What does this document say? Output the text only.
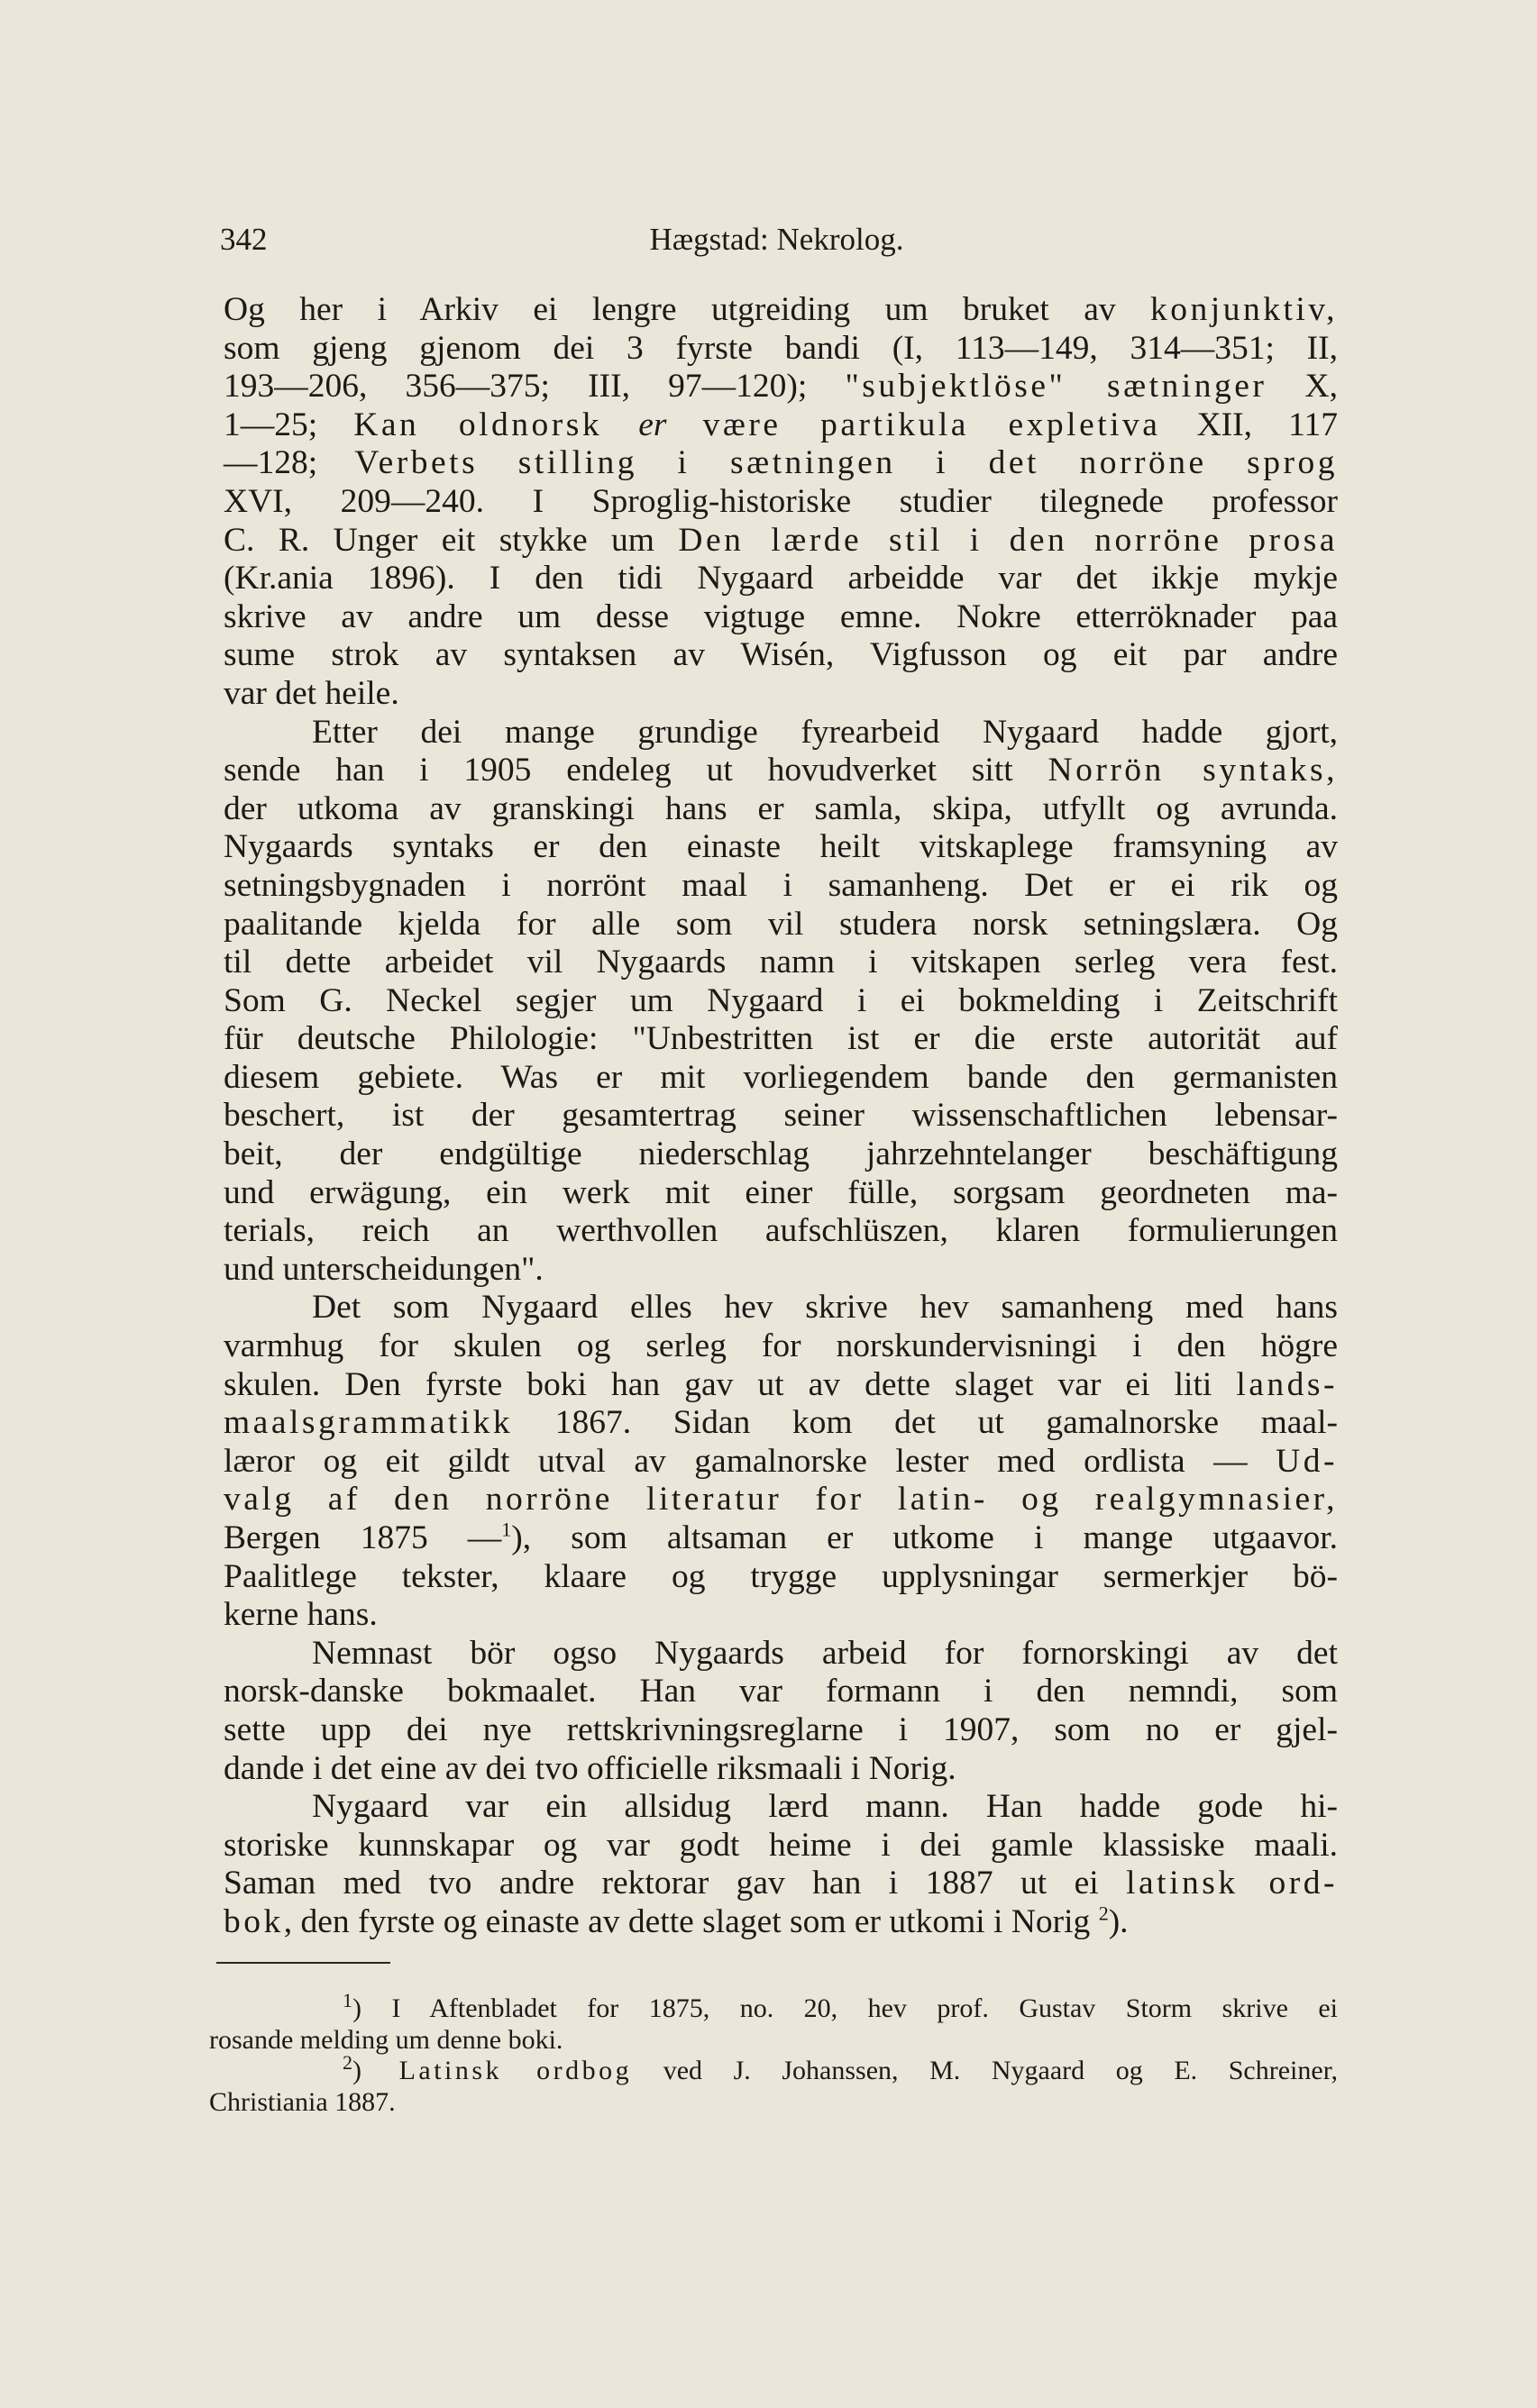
342	Hægstad: Nekrolog.
Og her i Arkiv ei lengre utgreiding um bruket av konjunktiv,
som gjeng gjenom dei 3 fyrste bandi (I, 113—149, 314—351; II,
193—206, 356—375; III, 97—120); "subjektlöse" sætninger X,
1—25; Kan oldnorsk er være partikula expletiva XII, 117
—128; Verbets stilling i sætningen i det norröne sprog
XVI, 209—240. I Sproglig-historiske studier tilegnede professor
C. R. Unger eit stykke um Den lærde stil i den norröne prosa
(Kr.ania 1896). I den tidi Nygaard arbeidde var det ikkje mykje
skrive av andre um desse vigtuge emne. Nokre etterröknader paa
sume strok av syntaksen av Wisén, Vigfusson og eit par andre
var det heile.
Etter dei mange grundige fyrearbeid Nygaard hadde gjort,
sende han i 1905 endeleg ut hovudverket sitt Norrön syntaks,
der utkoma av granskingi hans er samla, skipa, utfyllt og avrunda.
Nygaards syntaks er den einaste heilt vitskaplege framsyning av
setningsbygnaden i norrönt maal i samanheng. Det er ei rik og
paalitande kjelda for alle som vil studera norsk setningslæra. Og
til dette arbeidet vil Nygaards namn i vitskapen serleg vera fest.
Som G. Neckel segjer um Nygaard i ei bokmelding i Zeitschrift
für deutsche Philologie: "Unbestritten ist er die erste autorität auf
diesem gebiete. Was er mit vorliegendem bande den germanisten
beschert, ist der gesamtertrag seiner wissenschaftlichen lebensar-
beit, der endgültige niederschlag jahrzehntelanger beschäftigung
und erwägung, ein werk mit einer fülle, sorgsam geordneten ma-
terials, reich an werthvollen aufschlüszen, klaren formulierungen
und unterscheidungen".
Det som Nygaard elles hev skrive hev samanheng med hans
varmhug for skulen og serleg for norskundervisningi i den högre
skulen. Den fyrste boki han gav ut av dette slaget var ei liti lands-
maalsgrammatikk 1867. Sidan kom det ut gamalnorske maal-
læror og eit gildt utval av gamalnorske lester med ordlista — Ud-
valg af den norröne literatur for latin- og realgymnasier,
Bergen 1875 —$^1$), som altsaman er utkome i mange utgaavor.
Paalitlege tekster, klaare og trygge upplysningar sermerkjer bö-
kerne hans.
Nemnast bör ogso Nygaards arbeid for fornorskingi av det
norsk-danske bokmaalet. Han var formann i den nemndi, som
sette upp dei nye rettskrivningsreglarne i 1907, som no er gjel-
dande i det eine av dei tvo officielle riksmaali i Norig.
Nygaard var ein allsidug lærd mann. Han hadde gode hi-
storiske kunnskapar og var godt heime i dei gamle klassiske maali.
Saman med tvo andre rektorar gav han i 1887 ut ei latinsk ord-
bok, den fyrste og einaste av dette slaget som er utkomi i Norig $^2$).
$^1$) I Aftenbladet for 1875, no. 20, hev prof. Gustav Storm skrive ei
rosande melding um denne boki.
$^2$) Latinsk ordbog ved J. Johanssen, M. Nygaard og E. Schreiner,
Christiania 1887.
